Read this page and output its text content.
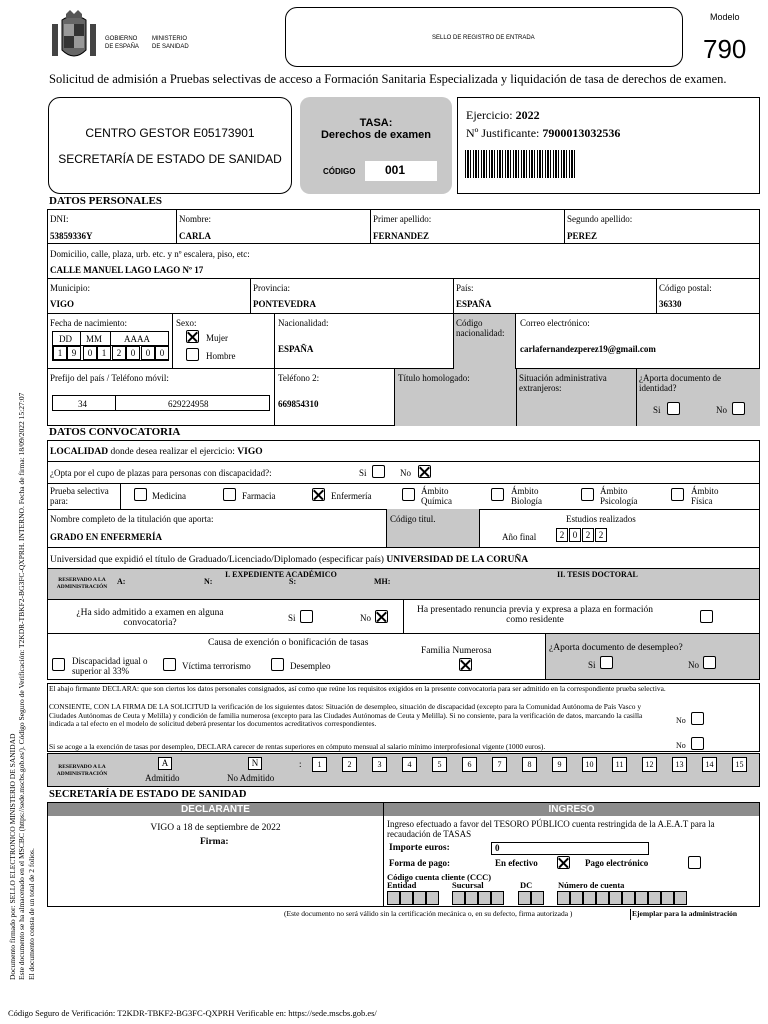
GOBIERNO
DE ESPAÑA
MINISTERIO
DE SANIDAD
SELLO DE REGISTRO DE ENTRADA
Modelo
790
Solicitud de admisión a Pruebas selectivas de acceso a Formación Sanitaria Especializada y liquidación de tasa de derechos de examen.
CENTRO GESTOR E05173901
SECRETARÍA DE ESTADO DE SANIDAD
TASA:
Derechos de examen
CÓDIGO	001
Ejercicio: 2022
Nº Justificante: 7900013032536
DATOS PERSONALES
DNI:
53859336Y
Nombre:
CARLA
Primer apellido:
FERNANDEZ
Segundo apellido:
PEREZ
Domicilio, calle, plaza, urb. etc. y nº escalera, piso, etc:
CALLE MANUEL LAGO LAGO Nº 17
Municipio:
VIGO
Provincia:
PONTEVEDRA
País:
ESPAÑA
Código postal:
36330
Fecha de nacimiento:
DD MM AAAA
1	9	0	1	2	0	0	0
Sexo:
Mujer
Hombre
Nacionalidad:
ESPAÑA
Código nacionalidad:
Correo electrónico:
carlafernandezperez19@gmail.com
Prefijo del país / Teléfono móvil:
34	629224958
Teléfono 2:
669854310
Título homologado:	Situación administrativa extranjeros:
¿Aporta documento de identidad?
Si	No
DATOS CONVOCATORIA
LOCALIDAD donde desea realizar el ejercicio: VIGO
¿Opta por el cupo de plazas para personas con discapacidad?:	Si	No
Prueba selectiva para:	Medicina	Farmacia	Enfermería	Ámbito
Química
Ámbito
Biología
Ámbito
Psicología
Ámbito
Física
Nombre completo de la titulación que aporta:
GRADO EN ENFERMERÍA
Código titul.	Estudios realizados
Año final	2 0 2 2
Universidad que expidió el título de Graduado/Licenciado/Diplomado (especificar país) UNIVERSIDAD DE LA CORUÑA
RESERVADO A LA ADMINISTRACIÓN
I. EXPEDIENTE ACADÉMICO
A:	N:	S:	MH:
II. TESIS DOCTORAL
¿Ha sido admitido a examen en alguna convocatoria?	Si	No
Ha presentado renuncia previa y expresa a plaza en formación como residente
Causa de exención o bonificación de tasas
Familia Numerosa
Discapacidad igual o superior al 33%	Víctima terrorismo	Desempleo
¿Aporta documento de desempleo?
Si	No
El abajo firmante DECLARA: que son ciertos los datos personales consignados, así como que reúne los requisitos exigidos en la presente convocatoria para ser admitido en la correspondiente prueba selectiva.
CONSIENTE, CON LA FIRMA DE LA SOLICITUD la verificación de los siguientes datos: Situación de desempleo, situación de discapacidad (excepto para la Comunidad Autónoma de País Vasco y Ciudades Autónomas de Ceuta y Melilla) y condición de familia numerosa (excepto para las Ciudades Autónomas de Ceuta y Melilla). Si no consiente, para la verificación de datos, marcando la casilla indicada a tal efecto en el modelo de solicitud deberá presentar los documentos acreditativos correspondientes.	No
Si se acoge a la exención de tasas por desempleo, DECLARA carecer de rentas superiores en cómputo mensual al salario mínimo interprofesional vigente (1000 euros).	No
RESERVADO A LA ADMINISTRACIÓN
A
Admitido
N
No Admitido
:	1	2	3	4	5	6	7	8	9	10	11	12	13	14	15
SECRETARÍA DE ESTADO DE SANIDAD
DECLARANTE	INGRESO
VIGO a 18 de septiembre de 2022
Firma:
Ingreso efectuado a favor del TESORO PÚBLICO cuenta restringida de la A.E.A.T para la recaudación de TASAS
Importe euros:	0
Forma de pago:	En efectivo	Pago electrónico
Código cuenta cliente (CCC)
Entidad	Sucursal	DC	Número de cuenta
(Este documento no será válido sin la certificación mecánica o, en su defecto, firma autorizada )	Ejemplar para la administración
Documento firmado por: SELLO ELECTRONICO MINISTERIO DE SANIDAD Este documento se ha almacenado en el MSCBC (https://sede.mscbs.gob.es/). Código Seguro de Verificación: T2KDR-TBKF2-BG3FC-QXPRH. INTERNO. Fecha de firma: 18/09/2022 15:27:07 El documento consta de un total de 2 folios.
Código Seguro de Verificación: T2KDR-TBKF2-BG3FC-QXPRH Verificable en: https://sede.mscbs.gob.es/
